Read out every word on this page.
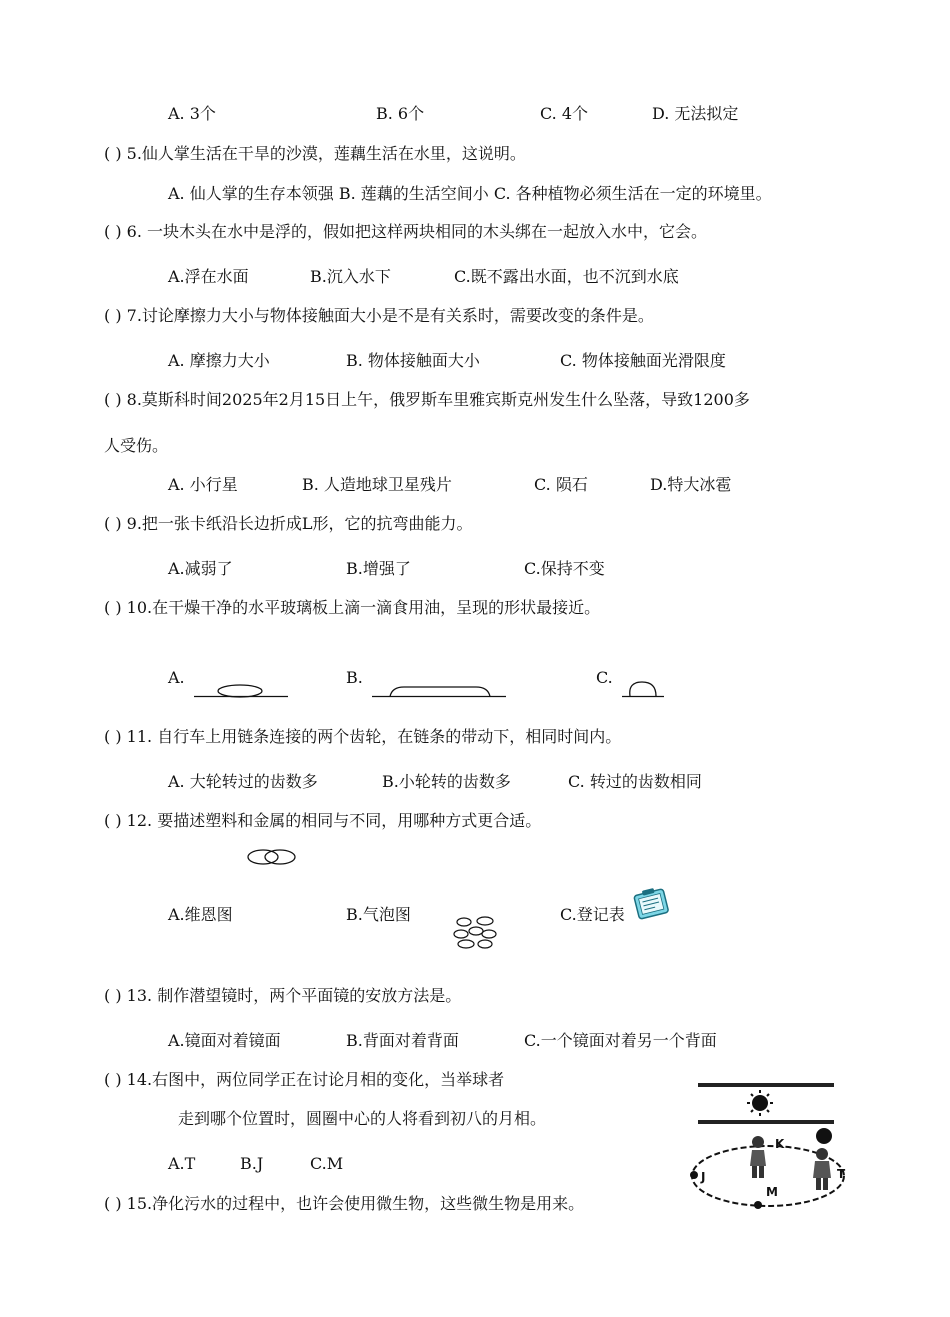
A. 3个	B. 6个	C. 4个	D. 无法拟定
( ) 5.仙人掌生活在干旱的沙漠，莲藕生活在水里，这说明。
A. 仙人掌的生存本领强 B. 莲藕的生活空间小 C. 各种植物必须生活在一定的环境里。
( ) 6. 一块木头在水中是浮的，假如把这样两块相同的木头绑在一起放入水中，它会。
A.浮在水面	B.沉入水下	C.既不露出水面，也不沉到水底
( ) 7.讨论摩擦力大小与物体接触面大小是不是有关系时，需要改变的条件是。
A. 摩擦力大小	B. 物体接触面大小	C. 物体接触面光滑限度
( ) 8.莫斯科时间2025年2月15日上午，俄罗斯车里雅宾斯克州发生什么坠落，导致1200多
人受伤。
A. 小行星	B. 人造地球卫星残片	C. 陨石	D.特大冰雹
( ) 9.把一张卡纸沿长边折成L形，它的抗弯曲能力。
A.减弱了	B.增强了	C.保持不变
( ) 10.在干燥干净的水平玻璃板上滴一滴食用油，呈现的形状最接近。
A.	B.	C.
( ) 11. 自行车上用链条连接的两个齿轮，在链条的带动下，相同时间内。
A. 大轮转过的齿数多	B.小轮转的齿数多	C. 转过的齿数相同
( ) 12. 要描述塑料和金属的相同与不同，用哪种方式更合适。
A.维恩图	B.气泡图	C.登记表
( ) 13. 制作潜望镜时，两个平面镜的安放方法是。
A.镜面对着镜面	B.背面对着背面	C.一个镜面对着另一个背面
( ) 14.右图中，两位同学正在讨论月相的变化，当举球者
走到哪个位置时，圆圈中心的人将看到初八的月相。
A.T	B.J	C.M
K
J
M
T
( ) 15.净化污水的过程中，也许会使用微生物，这些微生物是用来。
